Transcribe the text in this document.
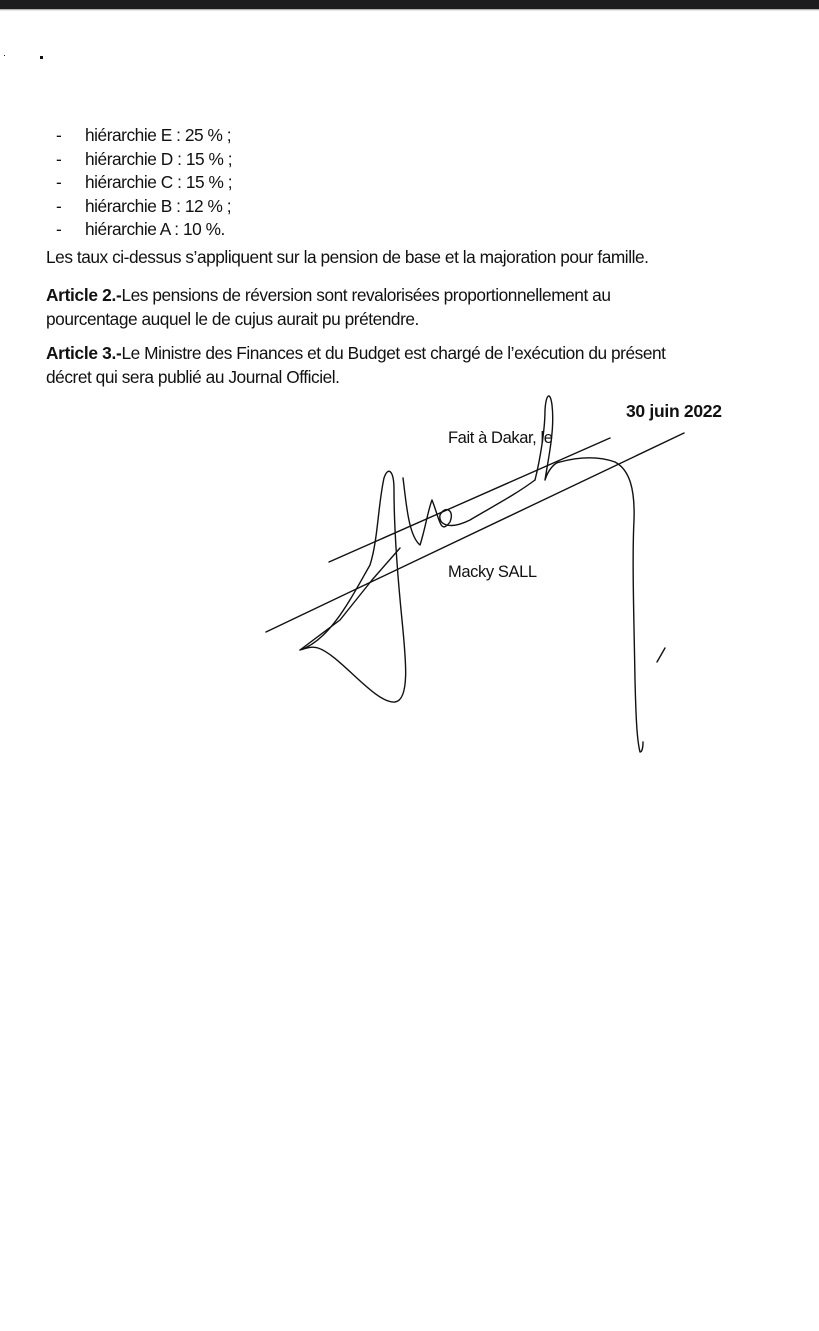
- hiérarchie E : 25 % ;
- hiérarchie D : 15 % ;
- hiérarchie C : 15 % ;
- hiérarchie B : 12 % ;
- hiérarchie A : 10 %.
Les taux ci-dessus s’appliquent sur la pension de base et la majoration pour famille.
Article 2.-Les pensions de réversion sont revalorisées proportionnellement au
pourcentage auquel le de cujus aurait pu prétendre.
Article 3.-Le Ministre des Finances et du Budget est chargé de l’exécution du présent
décret qui sera publié au Journal Officiel.
30 juin 2022
Fait à Dakar, le
Macky SALL
